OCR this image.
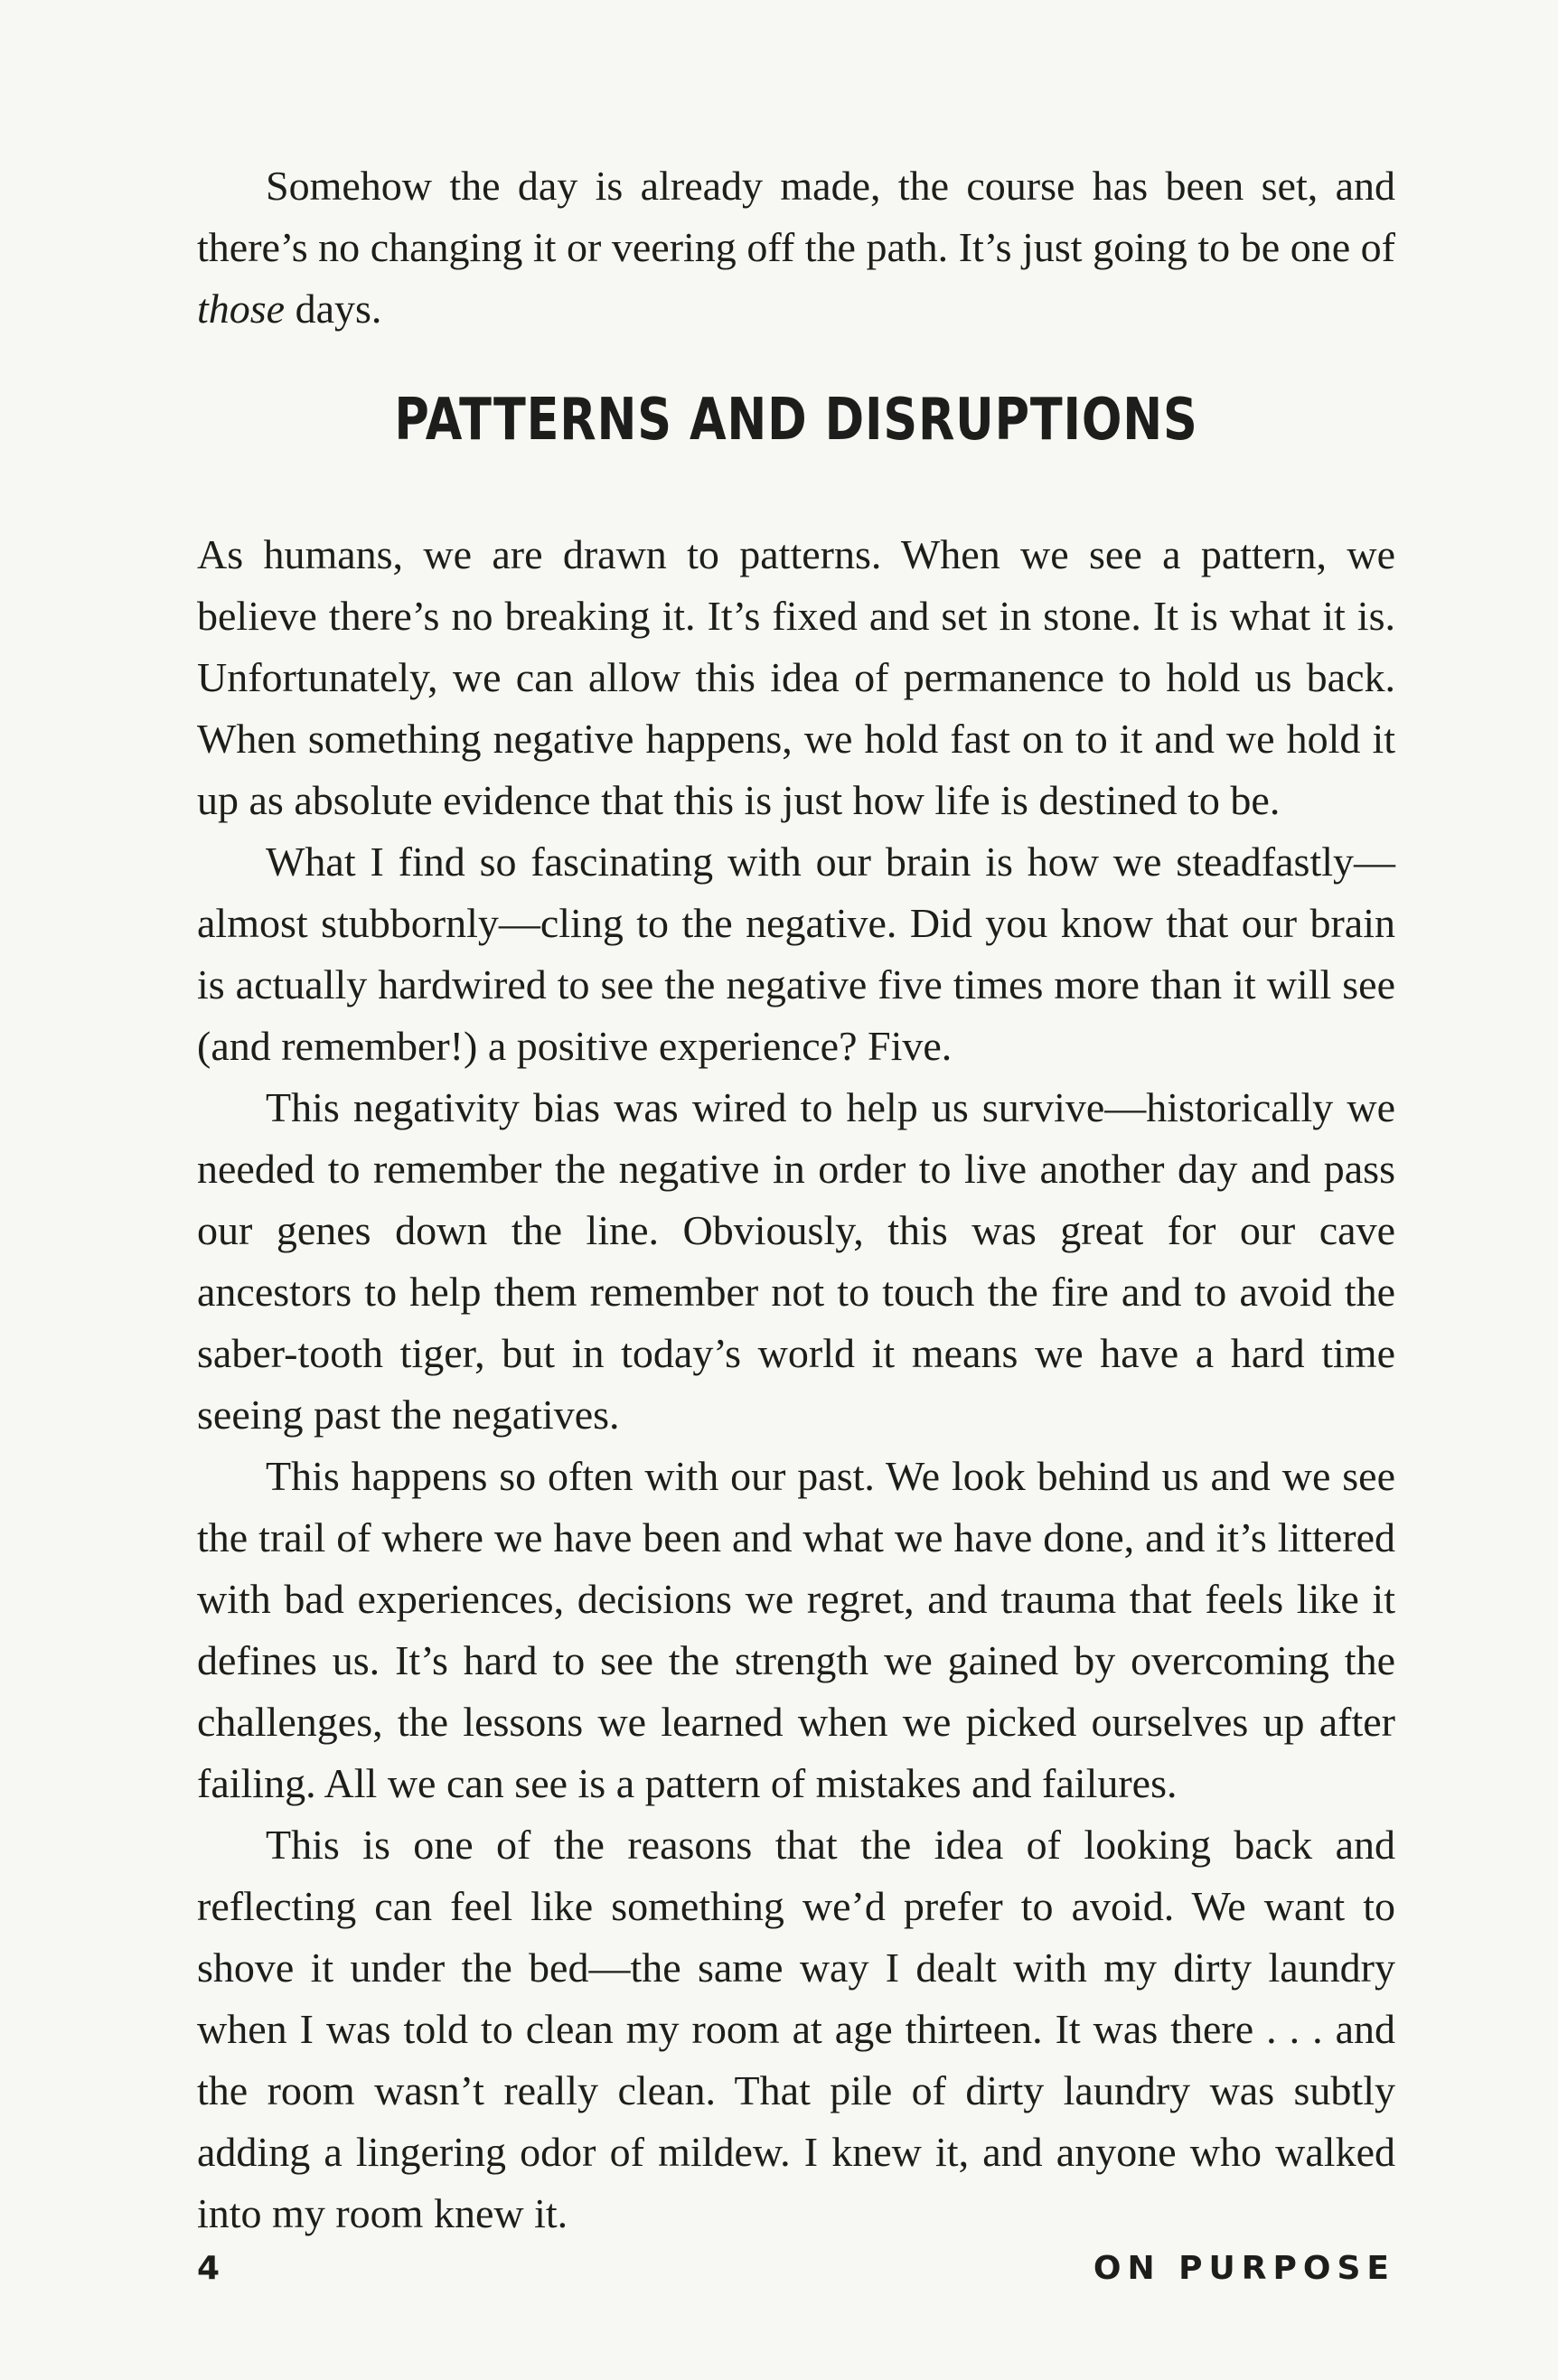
Somehow the day is already made, the course has been set, and there’s no changing it or veering off the path. It’s just going to be one of those days.

PATTERNS AND DISRUPTIONS

As humans, we are drawn to patterns. When we see a pattern, we believe there’s no breaking it. It’s fixed and set in stone. It is what it is. Unfortunately, we can allow this idea of permanence to hold us back. When something negative happens, we hold fast on to it and we hold it up as absolute evidence that this is just how life is destined to be.

What I find so fascinating with our brain is how we steadfastly—almost stubbornly—cling to the negative. Did you know that our brain is actually hardwired to see the negative five times more than it will see (and remember!) a positive experience? Five.

This negativity bias was wired to help us survive—historically we needed to remember the negative in order to live another day and pass our genes down the line. Obviously, this was great for our cave ancestors to help them remember not to touch the fire and to avoid the saber-tooth tiger, but in today’s world it means we have a hard time seeing past the negatives.

This happens so often with our past. We look behind us and we see the trail of where we have been and what we have done, and it’s littered with bad experiences, decisions we regret, and trauma that feels like it defines us. It’s hard to see the strength we gained by overcoming the challenges, the lessons we learned when we picked ourselves up after failing. All we can see is a pattern of mistakes and failures.

This is one of the reasons that the idea of looking back and reflecting can feel like something we’d prefer to avoid. We want to shove it under the bed—the same way I dealt with my dirty laundry when I was told to clean my room at age thirteen. It was there . . . and the room wasn’t really clean. That pile of dirty laundry was subtly adding a lingering odor of mildew. I knew it, and anyone who walked into my room knew it.

4	ON PURPOSE
